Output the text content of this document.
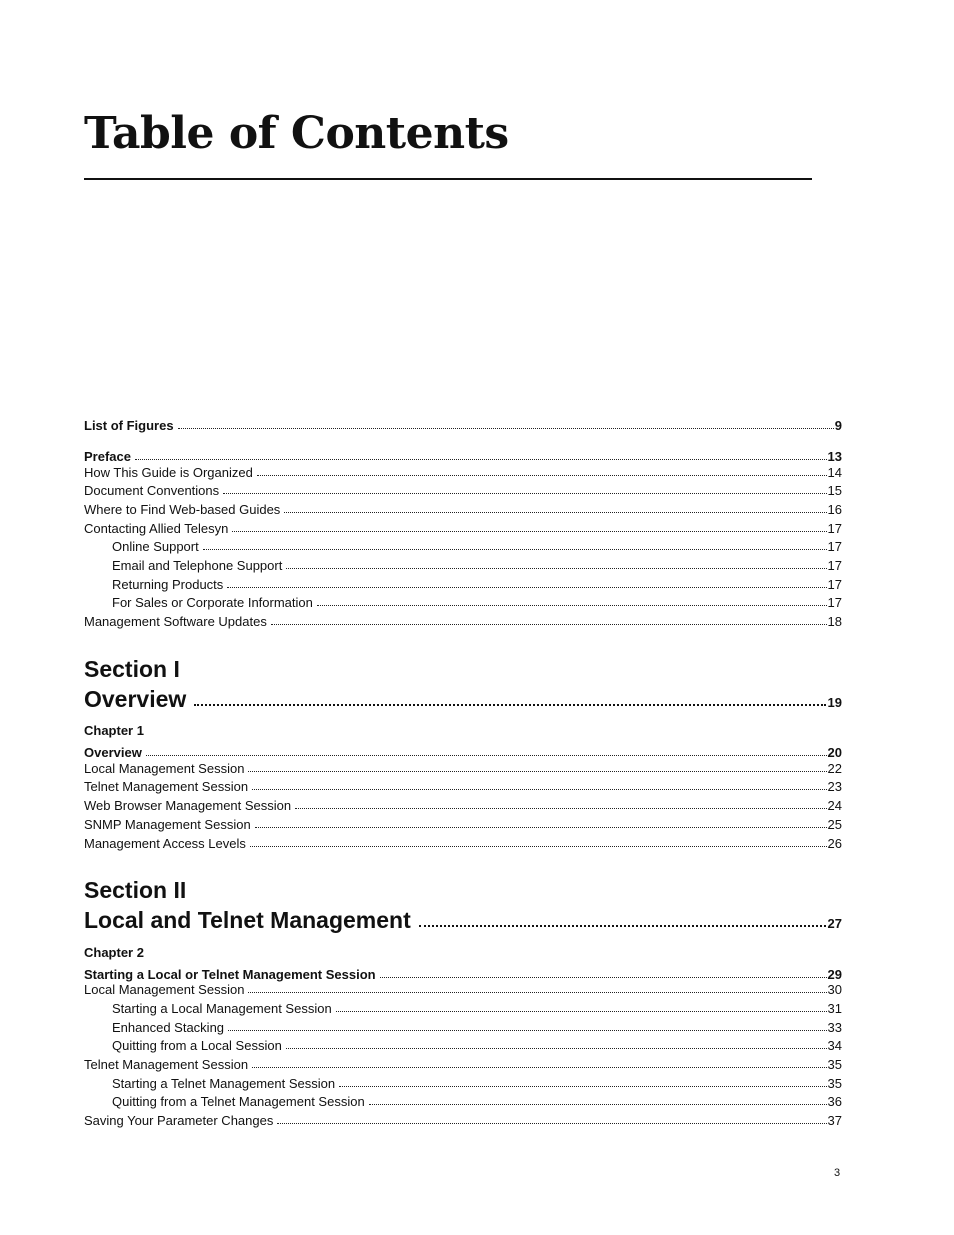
Table of Contents
List of Figures	9
Preface	13
How This Guide is Organized	14
Document Conventions	15
Where to Find Web-based Guides	16
Contacting Allied Telesyn	17
Online Support	17
Email and Telephone Support	17
Returning Products	17
For Sales or Corporate Information	17
Management Software Updates	18
Section I
Overview	19
Chapter 1
Overview	20
Local Management Session	22
Telnet Management Session	23
Web Browser Management Session	24
SNMP Management Session	25
Management Access Levels	26
Section II
Local and Telnet Management	27
Chapter 2
Starting a Local or Telnet Management Session	29
Local Management Session	30
Starting a Local Management Session	31
Enhanced Stacking	33
Quitting from a Local Session	34
Telnet Management Session	35
Starting a Telnet Management Session	35
Quitting from a Telnet Management Session	36
Saving Your Parameter Changes	37
3
